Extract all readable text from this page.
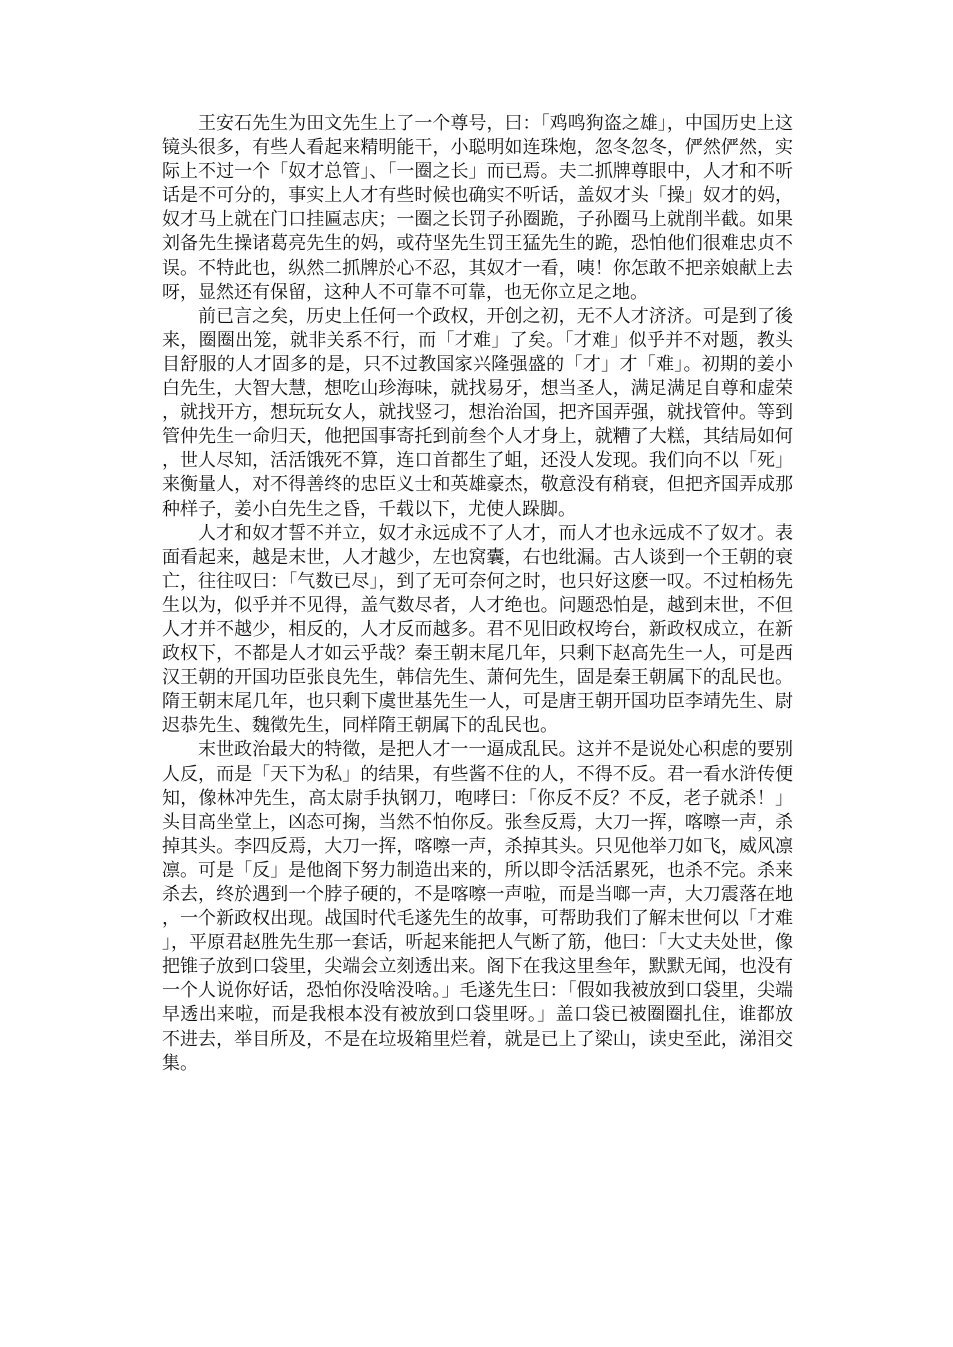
王安石先生为田文先生上了一个尊号，曰：「鸡鸣狗盗之雄」，中国历史上这镜头很多，有些人看起来精明能干，小聪明如连珠炮，忽冬忽冬，俨然俨然，实际上不过一个「奴才总管」、「一圈之长」而已焉。夫二抓牌尊眼中，人才和不听话是不可分的，事实上人才有些时候也确实不听话，盖奴才头「操」奴才的妈，奴才马上就在门口挂匾志庆；一圈之长罚子孙圈跪，子孙圈马上就削半截。如果刘备先生操诸葛亮先生的妈，或苻坚先生罚王猛先生的跪，恐怕他们很难忠贞不误。不特此也，纵然二抓牌於心不忍，其奴才一看，咦！你怎敢不把亲娘献上去呀，显然还有保留，这种人不可靠不可靠，也无你立足之地。

前已言之矣，历史上任何一个政权，开创之初，无不人才济济。可是到了後来，圈圈出笼，就非关系不行，而「才难」了矣。「才难」似乎并不对题，教头目舒服的人才固多的是，只不过教国家兴隆强盛的「才」才「难」。初期的姜小白先生，大智大慧，想吃山珍海味，就找易牙，想当圣人，满足满足自尊和虚荣，就找开方，想玩玩女人，就找竖刁，想治治国，把齐国弄强，就找管仲。等到管仲先生一命归天，他把国事寄托到前叁个人才身上，就糟了大糕，其结局如何，世人尽知，活活饿死不算，连口首都生了蛆，还没人发现。我们向不以「死」来衡量人，对不得善终的忠臣义士和英雄豪杰，敬意没有稍衰，但把齐国弄成那种样子，姜小白先生之昏，千载以下，尤使人跺脚。

人才和奴才誓不并立，奴才永远成不了人才，而人才也永远成不了奴才。表面看起来，越是末世，人才越少，左也窝囊，右也纰漏。古人谈到一个王朝的衰亡，往往叹曰：「气数已尽」，到了无可奈何之时，也只好这麽一叹。不过柏杨先生以为，似乎并不见得，盖气数尽者，人才绝也。问题恐怕是，越到末世，不但人才并不越少，相反的，人才反而越多。君不见旧政权垮台，新政权成立，在新政权下，不都是人才如云乎哉？秦王朝末尾几年，只剩下赵高先生一人，可是西汉王朝的开国功臣张良先生，韩信先生、萧何先生，固是秦王朝属下的乱民也。隋王朝末尾几年，也只剩下虞世基先生一人，可是唐王朝开国功臣李靖先生、尉迟恭先生、魏徵先生，同样隋王朝属下的乱民也。

末世政治最大的特徵，是把人才一一逼成乱民。这并不是说处心积虑的要别人反，而是「天下为私」的结果，有些酱不住的人，不得不反。君一看水浒传便知，像林冲先生，高太尉手执钢刀，咆哮曰：「你反不反？不反，老子就杀！」头目高坐堂上，凶态可掬，当然不怕你反。张叁反焉，大刀一挥，喀嚓一声，杀掉其头。李四反焉，大刀一挥，喀嚓一声，杀掉其头。只见他举刀如飞，威风凛凛。可是「反」是他阁下努力制造出来的，所以即令活活累死，也杀不完。杀来杀去，终於遇到一个脖子硬的，不是喀嚓一声啦，而是当啷一声，大刀震落在地，一个新政权出现。战国时代毛遂先生的故事，可帮助我们了解末世何以「才难」，平原君赵胜先生那一套话，听起来能把人气断了筋，他曰：「大丈夫处世，像把锥子放到口袋里，尖端会立刻透出来。阁下在我这里叁年，默默无闻，也没有一个人说你好话，恐怕你没啥没啥。」毛遂先生曰：「假如我被放到口袋里，尖端早透出来啦，而是我根本没有被放到口袋里呀。」盖口袋已被圈圈扎住，谁都放不进去，举目所及，不是在垃圾箱里烂着，就是已上了梁山，读史至此，涕泪交集。
